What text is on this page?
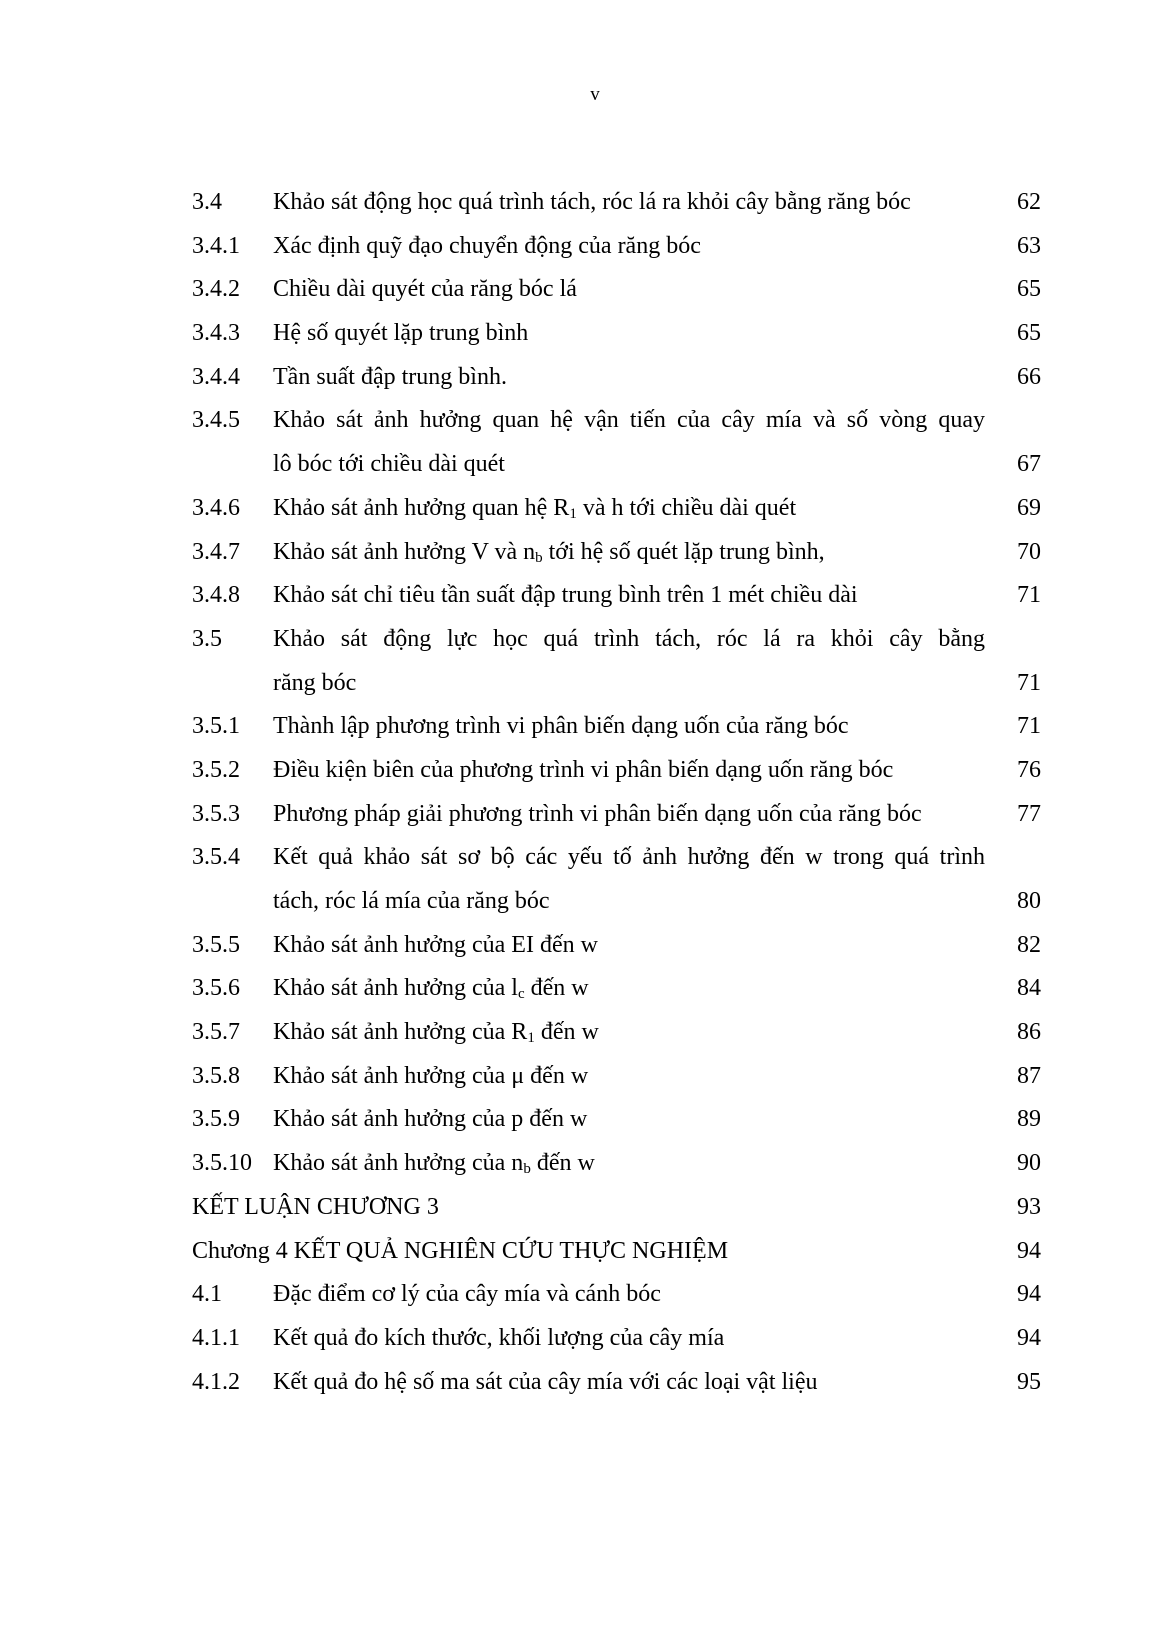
v
3.4 Khảo sát động học quá trình tách, róc lá ra khỏi cây bằng răng bóc	62
3.4.1 Xác định quỹ đạo chuyển động của răng bóc	63
3.4.2 Chiều dài quyét của răng bóc lá	65
3.4.3 Hệ số quyét lặp trung bình	65
3.4.4 Tần suất đập trung bình.	66
3.4.5 Khảo sát ảnh hưởng quan hệ vận tiến của cây mía và số vòng quay
lô bóc tới chiều dài quét	67
3.4.6 Khảo sát ảnh hưởng quan hệ $R_1$ và h tới chiều dài quét	69
3.4.7 Khảo sát ảnh hưởng V và $n_b$ tới hệ số quét lặp trung bình,	70
3.4.8 Khảo sát chỉ tiêu tần suất đập trung bình trên 1 mét chiều dài	71
3.5 Khảo sát động lực học quá trình tách, róc lá ra khỏi cây bằng
răng bóc	71
3.5.1 Thành lập phương trình vi phân biến dạng uốn của răng bóc	71
3.5.2 Điều kiện biên của phương trình vi phân biến dạng uốn răng bóc	76
3.5.3 Phương pháp giải phương trình vi phân biến dạng uốn của răng bóc	77
3.5.4 Kết quả khảo sát sơ bộ các yếu tố ảnh hưởng đến w trong quá trình
tách, róc lá mía của răng bóc	80
3.5.5 Khảo sát ảnh hưởng của EI đến w	82
3.5.6 Khảo sát ảnh hưởng của $l_c$ đến w	84
3.5.7 Khảo sát ảnh hưởng của $R_1$ đến w	86
3.5.8 Khảo sát ảnh hưởng của μ đến w	87
3.5.9 Khảo sát ảnh hưởng của p đến w	89
3.5.10 Khảo sát ảnh hưởng của $n_b$ đến w	90
KẾT LUẬN CHƯƠNG 3	93
Chương 4 KẾT QUẢ NGHIÊN CỨU THỰC NGHIỆM	94
4.1 Đặc điểm cơ lý của cây mía và cánh bóc	94
4.1.1 Kết quả đo kích thước, khối lượng của cây mía	94
4.1.2 Kết quả đo hệ số ma sát của cây mía với các loại vật liệu	95
